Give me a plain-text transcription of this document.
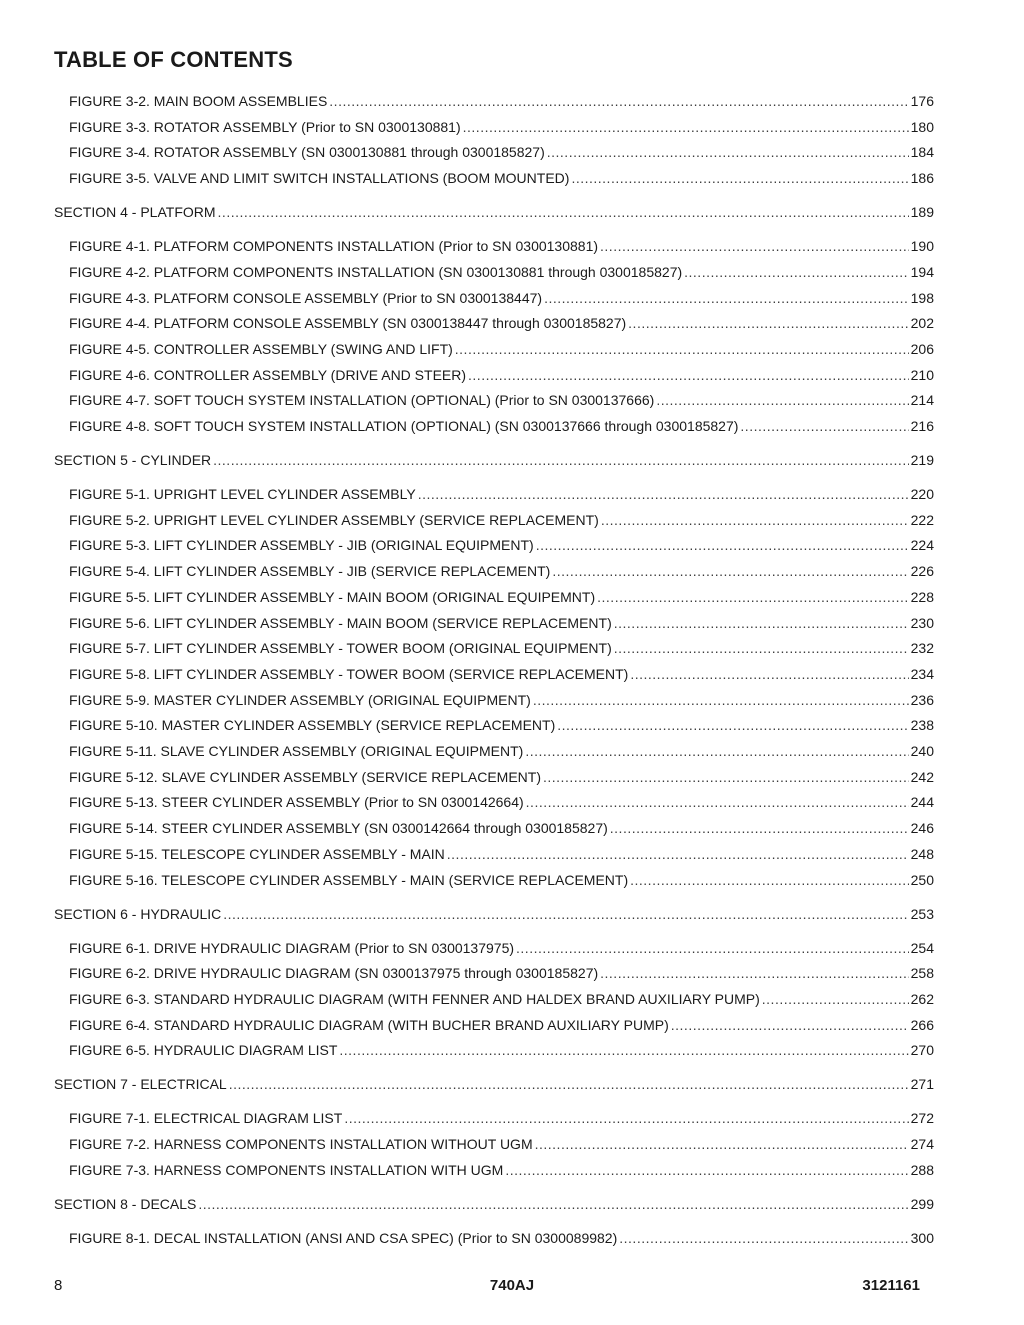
TABLE OF CONTENTS
FIGURE 3-2. MAIN BOOM ASSEMBLIES .....	176
FIGURE 3-3. ROTATOR ASSEMBLY (Prior to SN 0300130881) .....	180
FIGURE 3-4. ROTATOR ASSEMBLY (SN 0300130881 through 0300185827) .....	184
FIGURE 3-5. VALVE AND LIMIT SWITCH INSTALLATIONS (BOOM MOUNTED) .....	186
SECTION 4 - PLATFORM .....	189
FIGURE 4-1. PLATFORM COMPONENTS INSTALLATION (Prior to SN 0300130881) .....	190
FIGURE 4-2. PLATFORM COMPONENTS INSTALLATION (SN 0300130881 through 0300185827) .....	194
FIGURE 4-3. PLATFORM CONSOLE ASSEMBLY (Prior to SN 0300138447) .....	198
FIGURE 4-4. PLATFORM CONSOLE ASSEMBLY (SN 0300138447 through 0300185827) .....	202
FIGURE 4-5. CONTROLLER ASSEMBLY (SWING AND LIFT) .....	206
FIGURE 4-6. CONTROLLER ASSEMBLY (DRIVE AND STEER) .....	210
FIGURE 4-7. SOFT TOUCH SYSTEM INSTALLATION (OPTIONAL) (Prior to SN 0300137666) .....	214
FIGURE 4-8. SOFT TOUCH SYSTEM INSTALLATION (OPTIONAL) (SN 0300137666 through 0300185827) .....	216
SECTION 5 - CYLINDER .....	219
FIGURE 5-1. UPRIGHT LEVEL CYLINDER ASSEMBLY .....	220
FIGURE 5-2. UPRIGHT LEVEL CYLINDER ASSEMBLY (SERVICE REPLACEMENT) .....	222
FIGURE 5-3. LIFT CYLINDER ASSEMBLY - JIB (ORIGINAL EQUIPMENT) .....	224
FIGURE 5-4. LIFT CYLINDER ASSEMBLY - JIB (SERVICE REPLACEMENT) .....	226
FIGURE 5-5. LIFT CYLINDER ASSEMBLY - MAIN BOOM (ORIGINAL EQUIPEMNT) .....	228
FIGURE 5-6. LIFT CYLINDER ASSEMBLY - MAIN BOOM (SERVICE REPLACEMENT) .....	230
FIGURE 5-7. LIFT CYLINDER ASSEMBLY - TOWER BOOM (ORIGINAL EQUIPMENT) .....	232
FIGURE 5-8. LIFT CYLINDER ASSEMBLY - TOWER BOOM (SERVICE REPLACEMENT) .....	234
FIGURE 5-9. MASTER CYLINDER ASSEMBLY (ORIGINAL EQUIPMENT) .....	236
FIGURE 5-10. MASTER CYLINDER ASSEMBLY (SERVICE REPLACEMENT) .....	238
FIGURE 5-11. SLAVE CYLINDER ASSEMBLY (ORIGINAL EQUIPMENT) .....	240
FIGURE 5-12. SLAVE CYLINDER ASSEMBLY (SERVICE REPLACEMENT) .....	242
FIGURE 5-13. STEER CYLINDER ASSEMBLY (Prior to SN 0300142664) .....	244
FIGURE 5-14. STEER CYLINDER ASSEMBLY (SN 0300142664 through 0300185827) .....	246
FIGURE 5-15. TELESCOPE CYLINDER ASSEMBLY - MAIN .....	248
FIGURE 5-16. TELESCOPE CYLINDER ASSEMBLY - MAIN (SERVICE REPLACEMENT) .....	250
SECTION 6 - HYDRAULIC .....	253
FIGURE 6-1. DRIVE HYDRAULIC DIAGRAM (Prior to SN 0300137975) .....	254
FIGURE 6-2. DRIVE HYDRAULIC DIAGRAM (SN 0300137975 through 0300185827) .....	258
FIGURE 6-3. STANDARD HYDRAULIC DIAGRAM (WITH FENNER AND HALDEX BRAND AUXILIARY PUMP) .....	262
FIGURE 6-4. STANDARD HYDRAULIC DIAGRAM (WITH BUCHER BRAND AUXILIARY PUMP) .....	266
FIGURE 6-5. HYDRAULIC DIAGRAM LIST .....	270
SECTION 7 - ELECTRICAL .....	271
FIGURE 7-1. ELECTRICAL DIAGRAM LIST .....	272
FIGURE 7-2. HARNESS COMPONENTS INSTALLATION WITHOUT UGM .....	274
FIGURE 7-3. HARNESS COMPONENTS INSTALLATION WITH UGM .....	288
SECTION 8 - DECALS .....	299
FIGURE 8-1. DECAL INSTALLATION (ANSI AND CSA SPEC) (Prior to SN 0300089982) .....	300
8	740AJ	3121161
